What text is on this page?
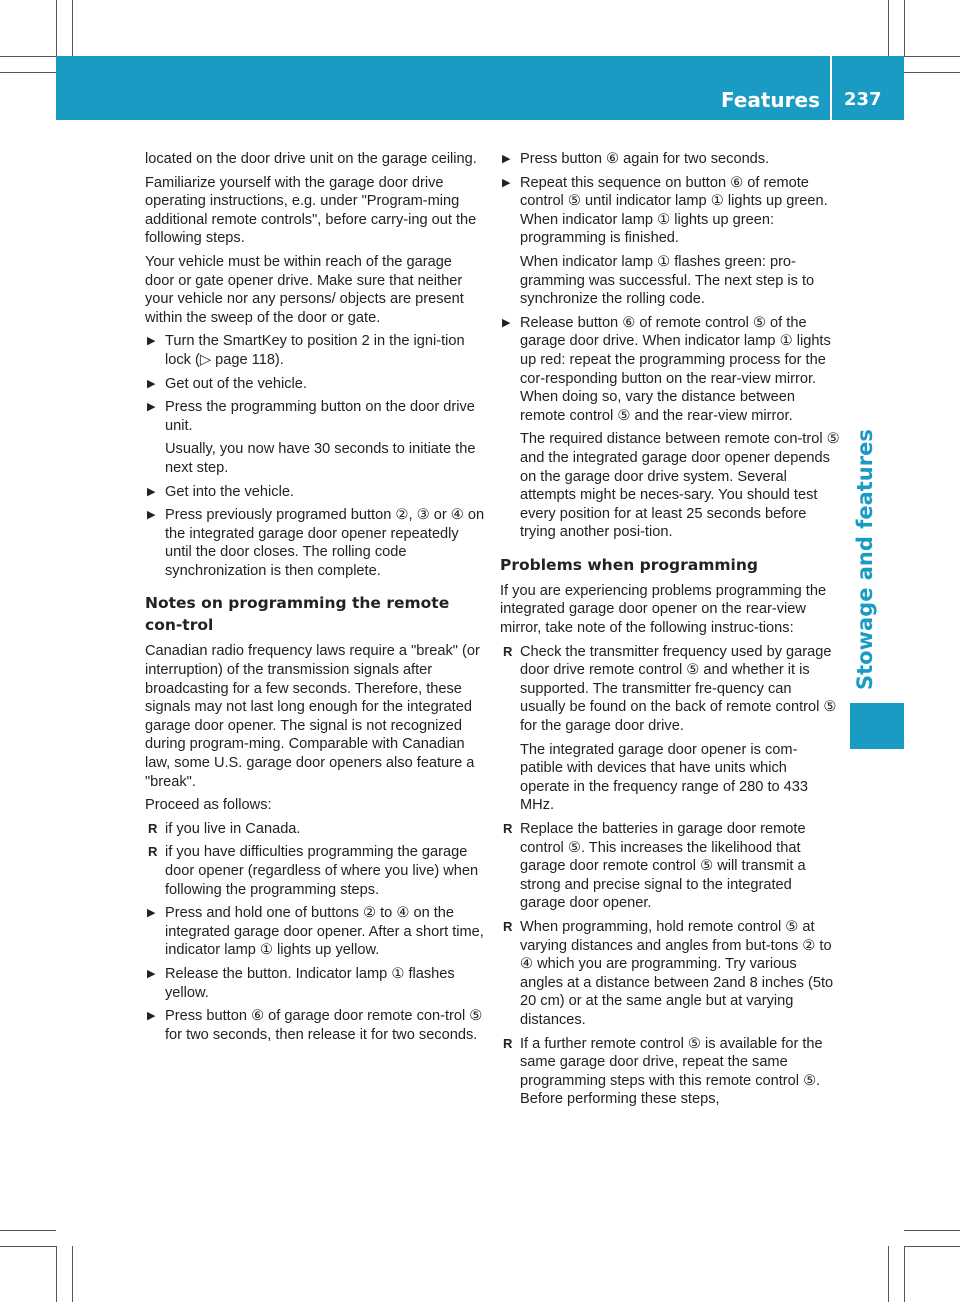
Features 237
Stowage and features
located on the door drive unit on the garage ceiling.
Familiarize yourself with the garage door drive operating instructions, e.g. under "Program-ming additional remote controls", before carry-ing out the following steps.
Your vehicle must be within reach of the garage door or gate opener drive. Make sure that neither your vehicle nor any persons/ objects are present within the sweep of the door or gate.
▶ Turn the SmartKey to position 2 in the igni-tion lock (▷ page 118).
▶ Get out of the vehicle.
▶ Press the programming button on the door drive unit.
Usually, you now have 30 seconds to initiate the next step.
▶ Get into the vehicle.
▶ Press previously programed button ②, ③ or ④ on the integrated garage door opener repeatedly until the door closes. The rolling code synchronization is then complete.
Notes on programming the remote con-trol
Canadian radio frequency laws require a "break" (or interruption) of the transmission signals after broadcasting for a few seconds. Therefore, these signals may not last long enough for the integrated garage door opener. The signal is not recognized during program-ming. Comparable with Canadian law, some U.S. garage door openers also feature a "break".
Proceed as follows:
R if you live in Canada.
R if you have difficulties programming the garage door opener (regardless of where you live) when following the programming steps.
▶ Press and hold one of buttons ② to ④ on the integrated garage door opener. After a short time, indicator lamp ① lights up yellow.
▶ Release the button. Indicator lamp ① flashes yellow.
▶ Press button ⑥ of garage door remote con-trol ⑤ for two seconds, then release it for two seconds.
▶ Press button ⑥ again for two seconds.
▶ Repeat this sequence on button ⑥ of remote control ⑤ until indicator lamp ① lights up green. When indicator lamp ① lights up green: programming is finished.
When indicator lamp ① flashes green: pro-gramming was successful. The next step is to synchronize the rolling code.
▶ Release button ⑥ of remote control ⑤ of the garage door drive. When indicator lamp ① lights up red: repeat the programming process for the cor-responding button on the rear-view mirror. When doing so, vary the distance between remote control ⑤ and the rear-view mirror.
The required distance between remote con-trol ⑤ and the integrated garage door opener depends on the garage door drive system. Several attempts might be neces-sary. You should test every position for at least 25 seconds before trying another posi-tion.
Problems when programming
If you are experiencing problems programming the integrated garage door opener on the rear-view mirror, take note of the following instruc-tions:
R Check the transmitter frequency used by garage door drive remote control ⑤ and whether it is supported. The transmitter fre-quency can usually be found on the back of remote control ⑤ for the garage door drive.
The integrated garage door opener is com-patible with devices that have units which operate in the frequency range of 280 to 433 MHz.
R Replace the batteries in garage door remote control ⑤. This increases the likelihood that garage door remote control ⑤ will transmit a strong and precise signal to the integrated garage door opener.
R When programming, hold remote control ⑤ at varying distances and angles from but-tons ② to ④ which you are programming. Try various angles at a distance between 2and 8 inches (5to 20 cm) or at the same angle but at varying distances.
R If a further remote control ⑤ is available for the same garage door drive, repeat the same programming steps with this remote control ⑤. Before performing these steps,
